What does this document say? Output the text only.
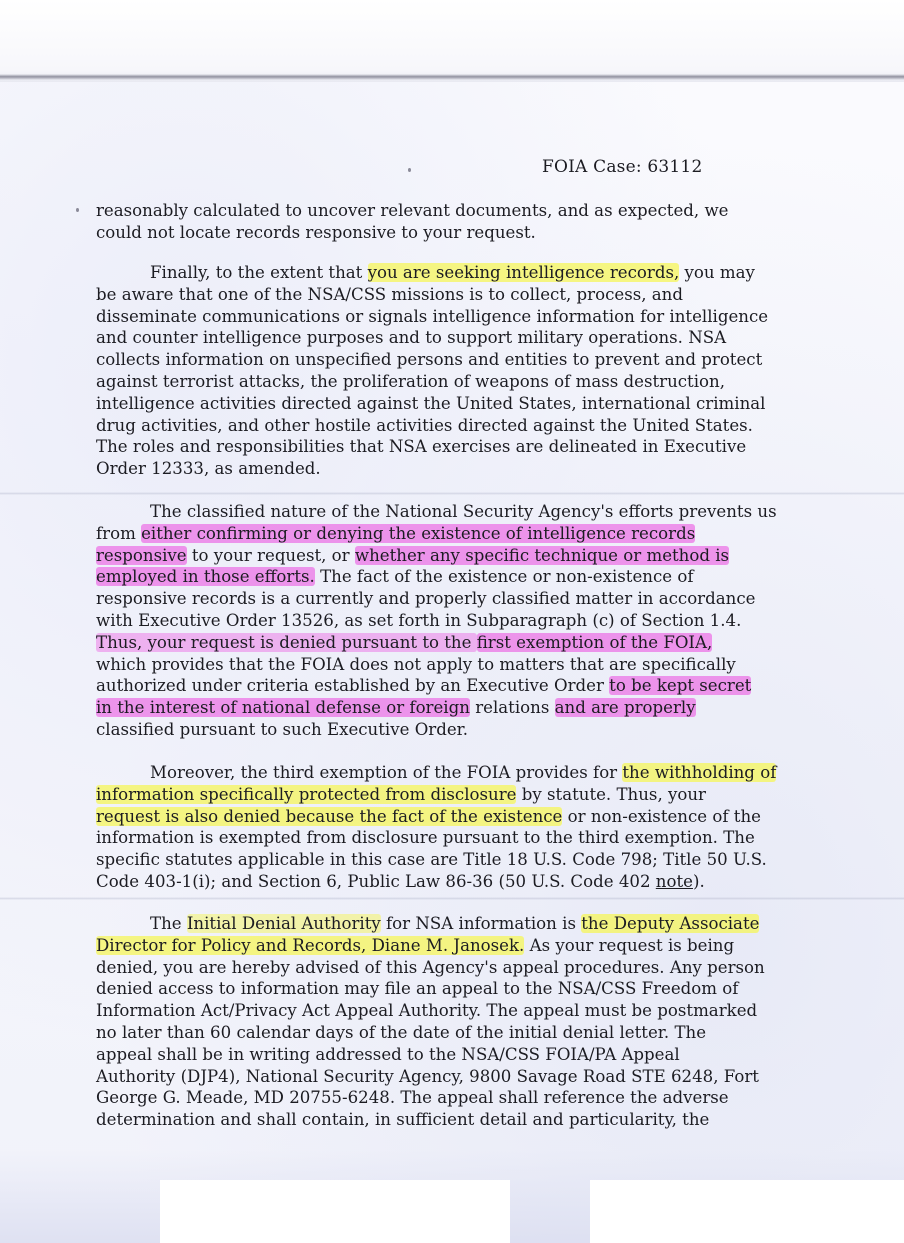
FOIA Case: 63112
reasonably calculated to uncover relevant documents, and as expected, we
could not locate records responsive to your request.
Finally, to the extent that you are seeking intelligence records, you may
be aware that one of the NSA/CSS missions is to collect, process, and
disseminate communications or signals intelligence information for intelligence
and counter intelligence purposes and to support military operations. NSA
collects information on unspecified persons and entities to prevent and protect
against terrorist attacks, the proliferation of weapons of mass destruction,
intelligence activities directed against the United States, international criminal
drug activities, and other hostile activities directed against the United States.
The roles and responsibilities that NSA exercises are delineated in Executive
Order 12333, as amended.
The classified nature of the National Security Agency's efforts prevents us
from either confirming or denying the existence of intelligence records
responsive to your request, or whether any specific technique or method is
employed in those efforts. The fact of the existence or non-existence of
responsive records is a currently and properly classified matter in accordance
with Executive Order 13526, as set forth in Subparagraph (c) of Section 1.4.
Thus, your request is denied pursuant to the first exemption of the FOIA,
which provides that the FOIA does not apply to matters that are specifically
authorized under criteria established by an Executive Order to be kept secret
in the interest of national defense or foreign relations and are properly
classified pursuant to such Executive Order.
Moreover, the third exemption of the FOIA provides for the withholding of
information specifically protected from disclosure by statute. Thus, your
request is also denied because the fact of the existence or non-existence of the
information is exempted from disclosure pursuant to the third exemption. The
specific statutes applicable in this case are Title 18 U.S. Code 798; Title 50 U.S.
Code 403-1(i); and Section 6, Public Law 86-36 (50 U.S. Code 402 note).
The Initial Denial Authority for NSA information is the Deputy Associate
Director for Policy and Records, Diane M. Janosek. As your request is being
denied, you are hereby advised of this Agency's appeal procedures. Any person
denied access to information may file an appeal to the NSA/CSS Freedom of
Information Act/Privacy Act Appeal Authority. The appeal must be postmarked
no later than 60 calendar days of the date of the initial denial letter. The
appeal shall be in writing addressed to the NSA/CSS FOIA/PA Appeal
Authority (DJP4), National Security Agency, 9800 Savage Road STE 6248, Fort
George G. Meade, MD 20755-6248. The appeal shall reference the adverse
determination and shall contain, in sufficient detail and particularity, the
